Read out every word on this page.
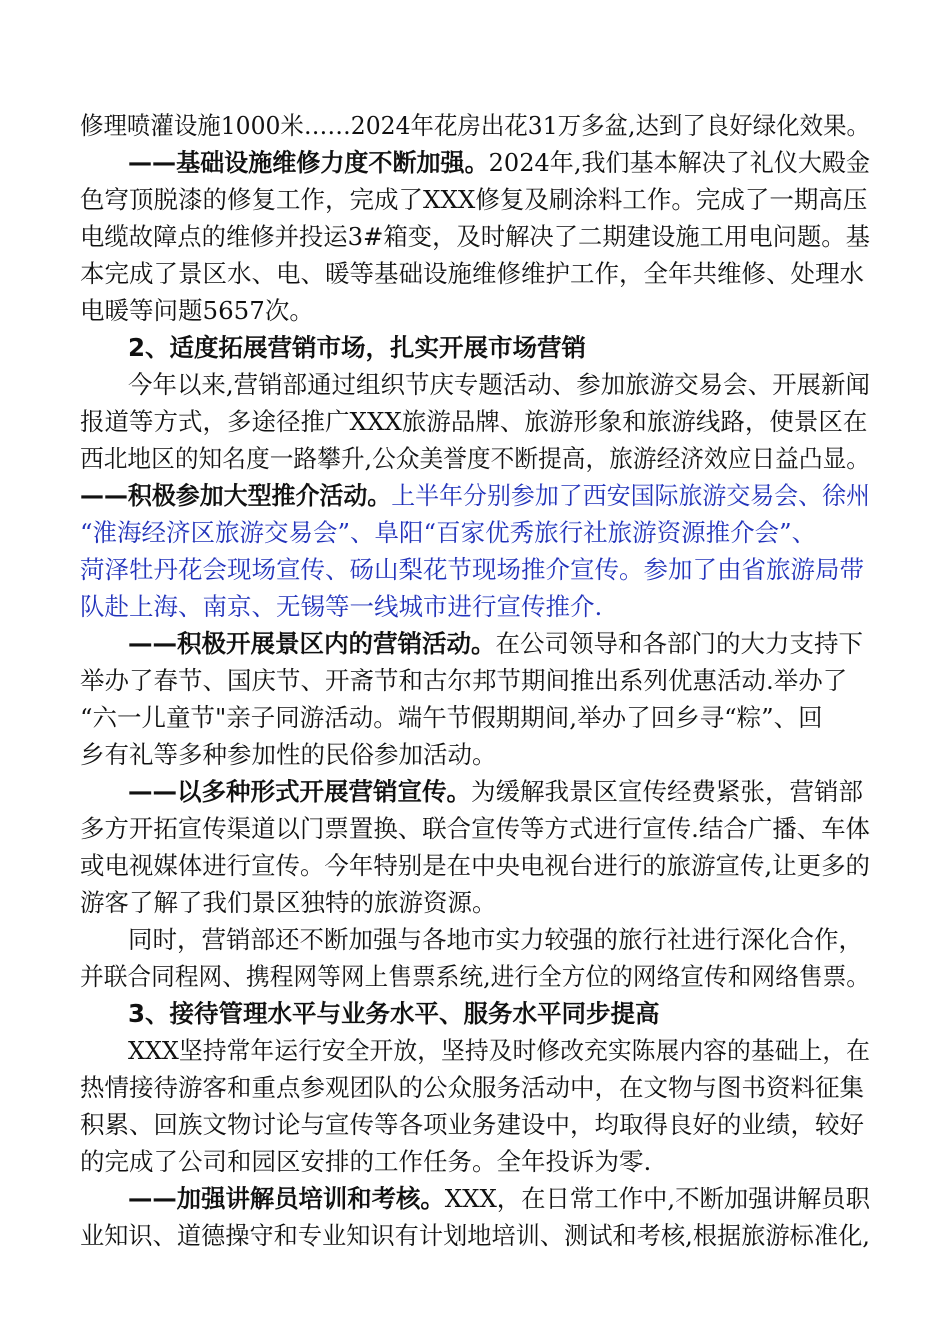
修理喷灌设施1000米……2024年花房出花31万多盆,达到了良好绿化效果。
——基础设施维修力度不断加强。2024年,我们基本解决了礼仪大殿金
色穹顶脱漆的修复工作，完成了XXX修复及刷涂料工作。完成了一期高压
电缆故障点的维修并投运3#箱变，及时解决了二期建设施工用电问题。基
本完成了景区水、电、暖等基础设施维修维护工作，全年共维修、处理水
电暖等问题5657次。
2、适度拓展营销市场，扎实开展市场营销
今年以来,营销部通过组织节庆专题活动、参加旅游交易会、开展新闻
报道等方式，多途径推广XXX旅游品牌、旅游形象和旅游线路，使景区在
西北地区的知名度一路攀升,公众美誉度不断提高，旅游经济效应日益凸显。
——积极参加大型推介活动。上半年分别参加了西安国际旅游交易会、徐州
“淮海经济区旅游交易会”、阜阳“百家优秀旅行社旅游资源推介会”、
菏泽牡丹花会现场宣传、砀山梨花节现场推介宣传。参加了由省旅游局带
队赴上海、南京、无锡等一线城市进行宣传推介.
——积极开展景区内的营销活动。在公司领导和各部门的大力支持下
举办了春节、国庆节、开斋节和古尔邦节期间推出系列优惠活动.举办了
“六一儿童节"亲子同游活动。端午节假期期间,举办了回乡寻“粽”、回
乡有礼等多种参加性的民俗参加活动。
——以多种形式开展营销宣传。为缓解我景区宣传经费紧张，营销部
多方开拓宣传渠道以门票置换、联合宣传等方式进行宣传.结合广播、车体
或电视媒体进行宣传。今年特别是在中央电视台进行的旅游宣传,让更多的
游客了解了我们景区独特的旅游资源。
同时，营销部还不断加强与各地市实力较强的旅行社进行深化合作，
并联合同程网、携程网等网上售票系统,进行全方位的网络宣传和网络售票。
3、接待管理水平与业务水平、服务水平同步提高
XXX坚持常年运行安全开放，坚持及时修改充实陈展内容的基础上，在
热情接待游客和重点参观团队的公众服务活动中，在文物与图书资料征集
积累、回族文物讨论与宣传等各项业务建设中，均取得良好的业绩，较好
的完成了公司和园区安排的工作任务。全年投诉为零.
——加强讲解员培训和考核。XXX，在日常工作中,不断加强讲解员职
业知识、道德操守和专业知识有计划地培训、测试和考核,根据旅游标准化,
